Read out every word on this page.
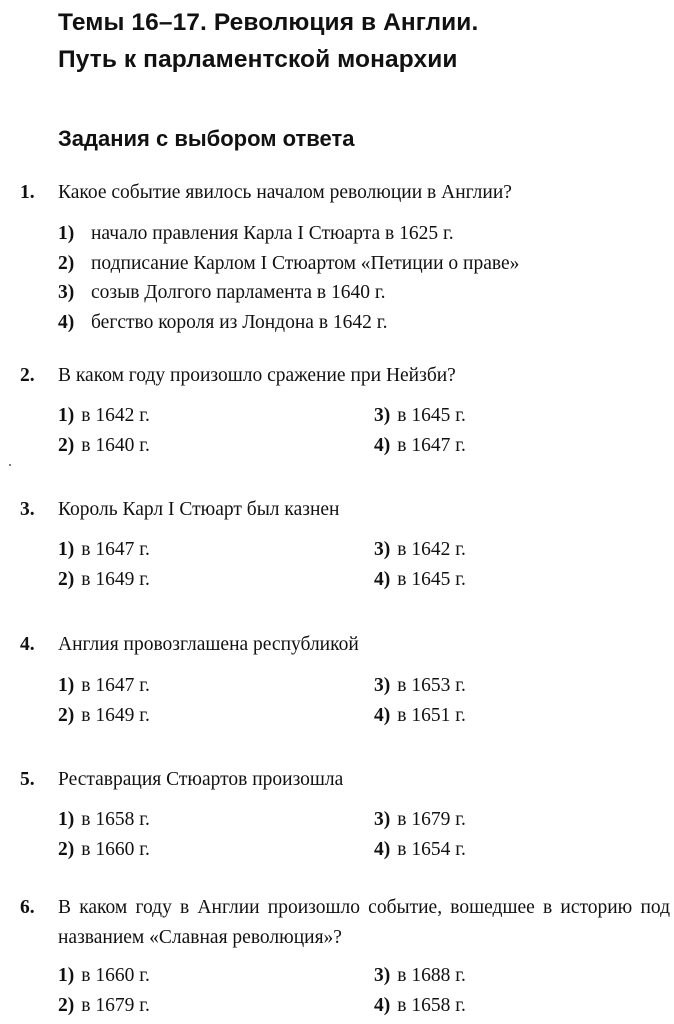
Темы 16–17. Революция в Англии.
Путь к парламентской монархии
Задания с выбором ответа
1. Какое событие явилось началом революции в Англии?
1) начало правления Карла I Стюарта в 1625 г.
2) подписание Карлом I Стюартом «Петиции о праве»
3) созыв Долгого парламента в 1640 г.
4) бегство короля из Лондона в 1642 г.
2. В каком году произошло сражение при Нейзби?
1) в 1642 г.	3) в 1645 г.
2) в 1640 г.	4) в 1647 г.
3. Король Карл I Стюарт был казнен
1) в 1647 г.	3) в 1642 г.
2) в 1649 г.	4) в 1645 г.
4. Англия провозглашена республикой
1) в 1647 г.	3) в 1653 г.
2) в 1649 г.	4) в 1651 г.
5. Реставрация Стюартов произошла
1) в 1658 г.	3) в 1679 г.
2) в 1660 г.	4) в 1654 г.
6. В каком году в Англии произошло событие, вошедшее в историю под названием «Славная революция»?
1) в 1660 г.	3) в 1688 г.
2) в 1679 г.	4) в 1658 г.
